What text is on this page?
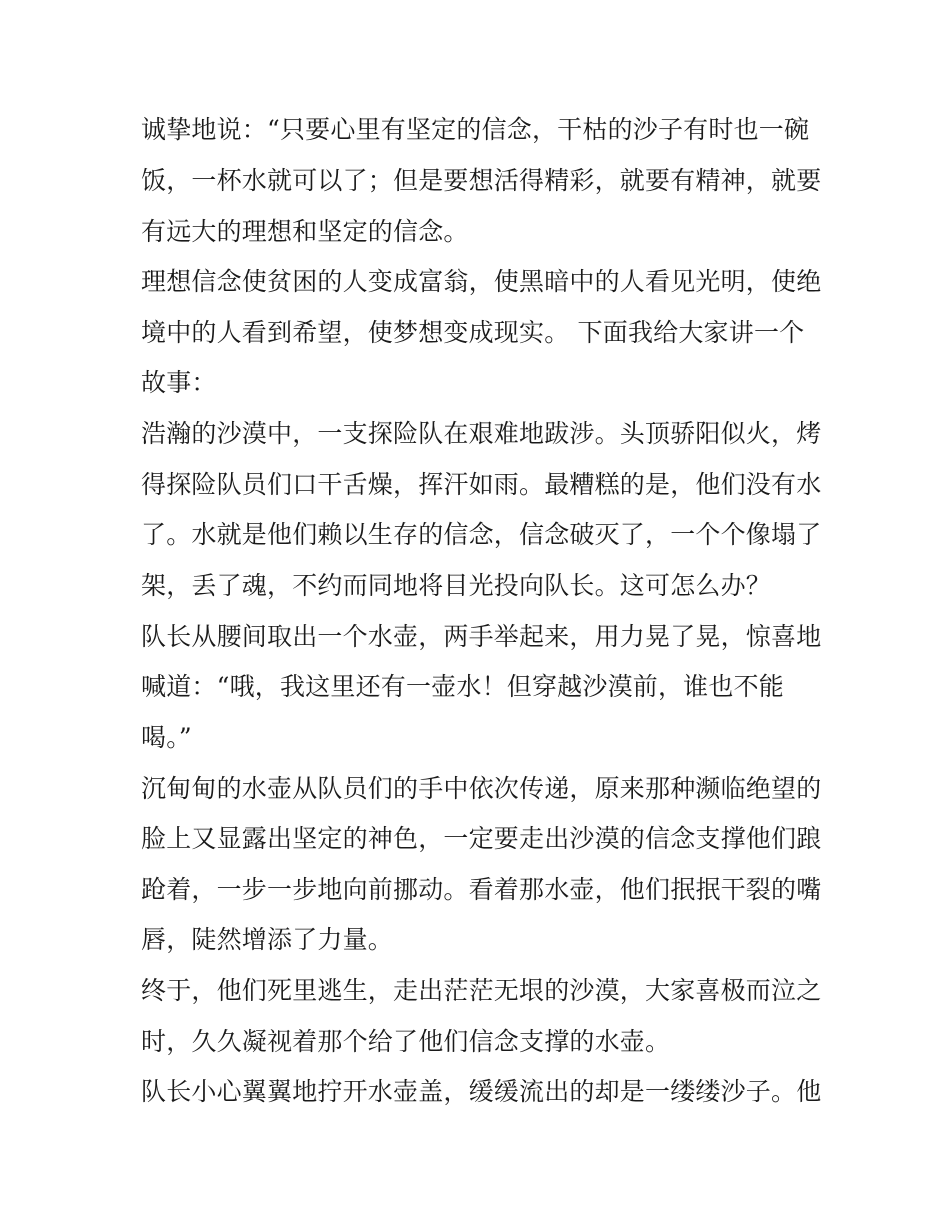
诚挚地说：“只要心里有坚定的信念，干枯的沙子有时也一碗
饭，一杯水就可以了；但是要想活得精彩，就要有精神，就要
有远大的理想和坚定的信念。
理想信念使贫困的人变成富翁，使黑暗中的人看见光明，使绝
境中的人看到希望，使梦想变成现实。 下面我给大家讲一个
故事：
浩瀚的沙漠中，一支探险队在艰难地跋涉。头顶骄阳似火，烤
得探险队员们口干舌燥，挥汗如雨。最糟糕的是，他们没有水
了。水就是他们赖以生存的信念，信念破灭了，一个个像塌了
架，丢了魂，不约而同地将目光投向队长。这可怎么办？
队长从腰间取出一个水壶，两手举起来，用力晃了晃，惊喜地
喊道：“哦，我这里还有一壶水！但穿越沙漠前，谁也不能
喝。”
沉甸甸的水壶从队员们的手中依次传递，原来那种濒临绝望的
脸上又显露出坚定的神色，一定要走出沙漠的信念支撑他们踉
跄着，一步一步地向前挪动。看着那水壶，他们抿抿干裂的嘴
唇，陡然增添了力量。
终于，他们死里逃生，走出茫茫无垠的沙漠，大家喜极而泣之
时，久久凝视着那个给了他们信念支撑的水壶。
队长小心翼翼地拧开水壶盖，缓缓流出的却是一缕缕沙子。他
